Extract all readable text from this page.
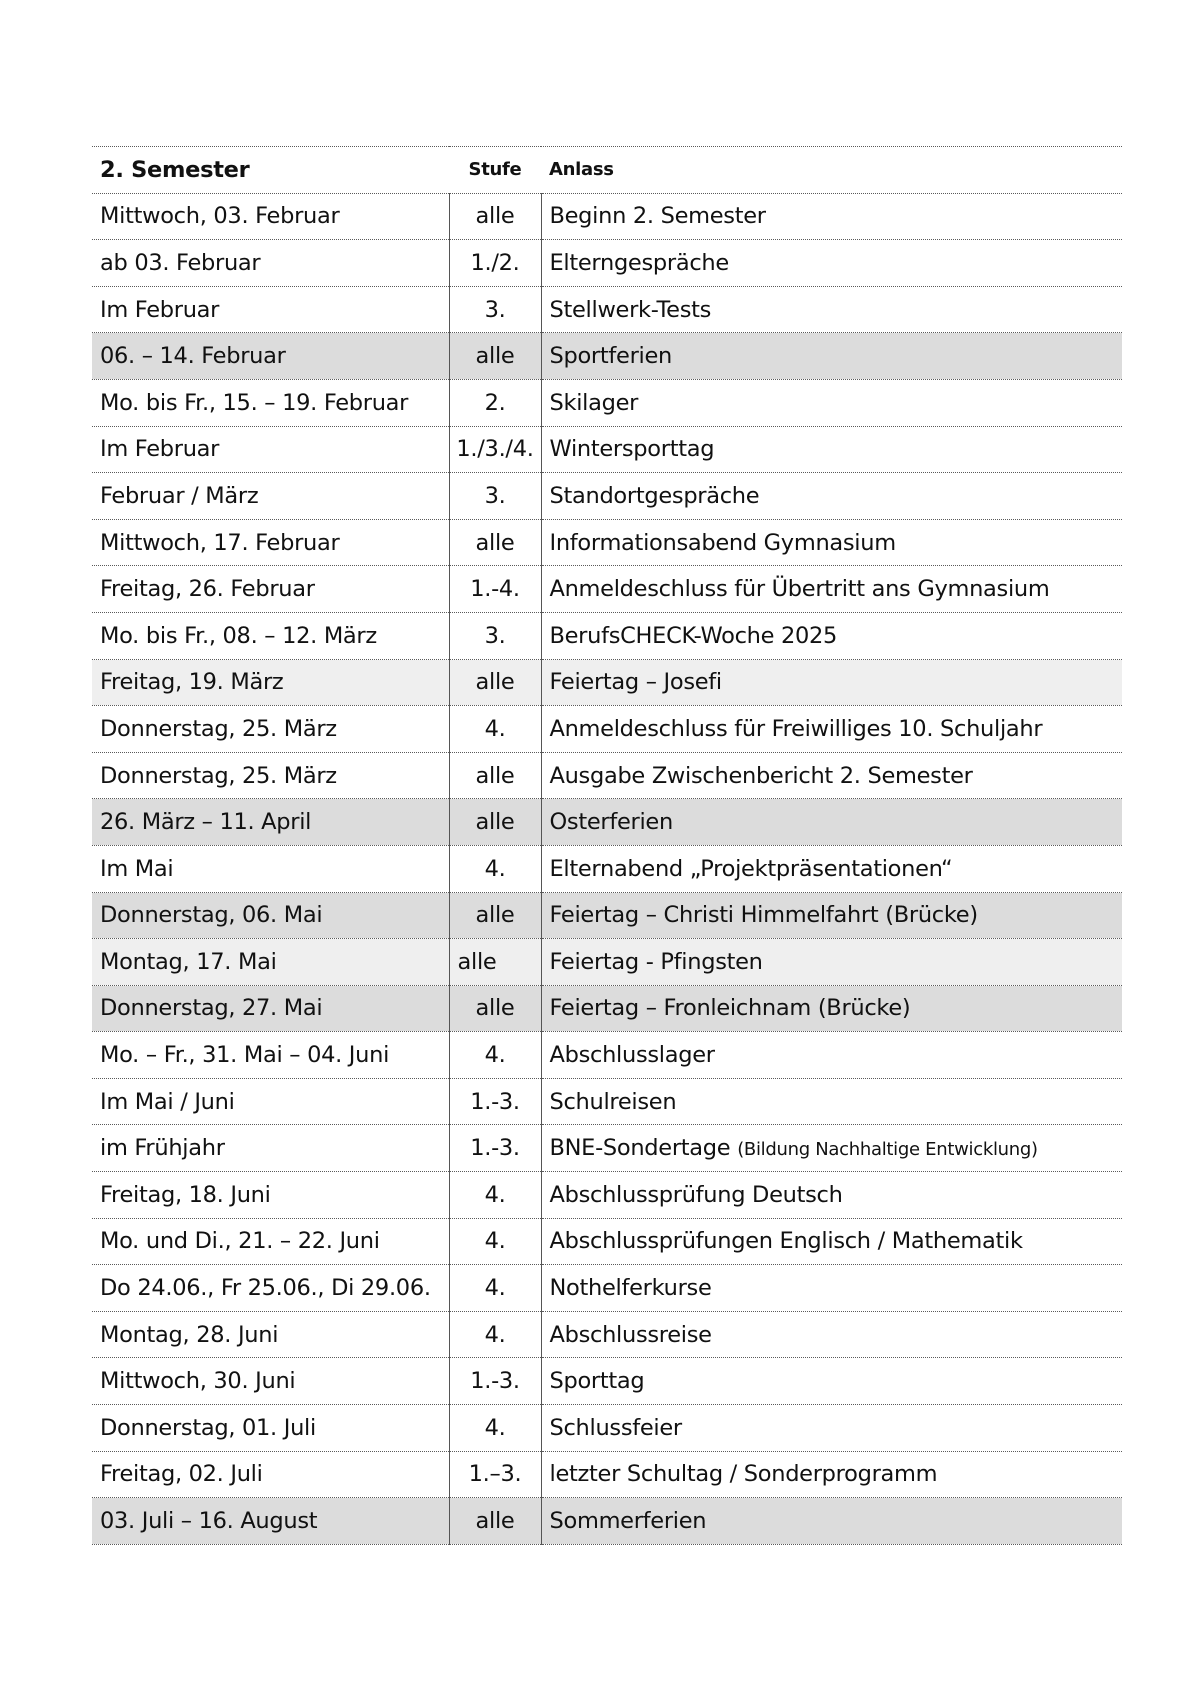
2. Semester	Stufe	Anlass
Mittwoch, 03. Februar	alle	Beginn 2. Semester
ab 03. Februar	1./2.	Elterngespräche
Im Februar	3.	Stellwerk-Tests
06. – 14. Februar	alle	Sportferien
Mo. bis Fr., 15. – 19. Februar	2.	Skilager
Im Februar	1./3./4.	Wintersporttag
Februar / März	3.	Standortgespräche
Mittwoch, 17. Februar	alle	Informationsabend Gymnasium
Freitag, 26. Februar	1.-4.	Anmeldeschluss für Übertritt ans Gymnasium
Mo. bis Fr., 08. – 12. März	3.	BerufsCHECK-Woche 2025
Freitag, 19. März	alle	Feiertag – Josefi
Donnerstag, 25. März	4.	Anmeldeschluss für Freiwilliges 10. Schuljahr
Donnerstag, 25. März	alle	Ausgabe Zwischenbericht 2. Semester
26. März – 11. April	alle	Osterferien
Im Mai	4.	Elternabend „Projektpräsentationen“
Donnerstag, 06. Mai	alle	Feiertag – Christi Himmelfahrt (Brücke)
Montag, 17. Mai	alle	Feiertag - Pfingsten
Donnerstag, 27. Mai	alle	Feiertag – Fronleichnam (Brücke)
Mo. – Fr., 31. Mai – 04. Juni	4.	Abschlusslager
Im Mai / Juni	1.-3.	Schulreisen
im Frühjahr	1.-3.	BNE-Sondertage (Bildung Nachhaltige Entwicklung)
Freitag, 18. Juni	4.	Abschlussprüfung Deutsch
Mo. und Di., 21. – 22. Juni	4.	Abschlussprüfungen Englisch / Mathematik
Do 24.06., Fr 25.06., Di 29.06.	4.	Nothelferkurse
Montag, 28. Juni	4.	Abschlussreise
Mittwoch, 30. Juni	1.-3.	Sporttag
Donnerstag, 01. Juli	4.	Schlussfeier
Freitag, 02. Juli	1.–3.	letzter Schultag / Sonderprogramm
03. Juli – 16. August	alle	Sommerferien
